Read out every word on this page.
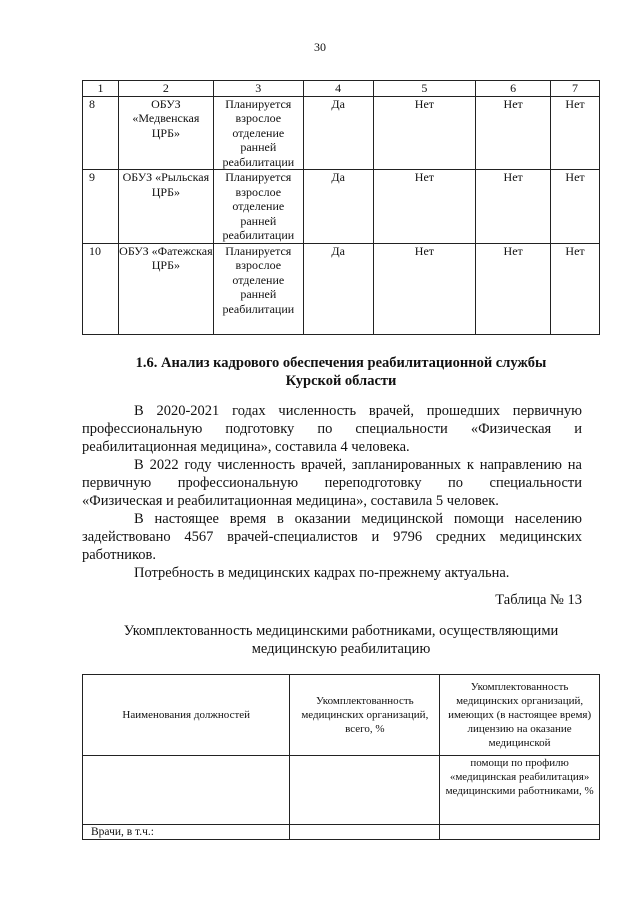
30
1	2	3	4	5	6	7
8	ОБУЗ «Медвенская ЦРБ»	Планируется взрослое отделение ранней реабилитации	Да	Нет	Нет	Нет
9	ОБУЗ «Рыльская ЦРБ»	Планируется взрослое отделение ранней реабилитации	Да	Нет	Нет	Нет
10	ОБУЗ «Фатежская ЦРБ»	Планируется взрослое отделение ранней реабилитации	Да	Нет	Нет	Нет
1.6. Анализ кадрового обеспечения реабилитационной службы
Курской области
В 2020-2021 годах численность врачей, прошедших первичную
профессиональную подготовку по специальности «Физическая и
реабилитационная медицина», составила 4 человека.
В 2022 году численность врачей, запланированных к направлению на
первичную профессиональную переподготовку по специальности
«Физическая и реабилитационная медицина», составила 5 человек.
В настоящее время в оказании медицинской помощи населению
задействовано 4567 врачей-специалистов и 9796 средних медицинских
работников.
Потребность в медицинских кадрах по-прежнему актуальна.
Таблица № 13
Укомплектованность медицинскими работниками, осуществляющими
медицинскую реабилитацию
Наименования должностей	Укомплектованность медицинских организаций, всего, %	Укомплектованность медицинских организаций, имеющих (в настоящее время) лицензию на оказание медицинской
		помощи по профилю «медицинская реабилитация» медицинскими работниками, %
Врачи, в т.ч.:		
